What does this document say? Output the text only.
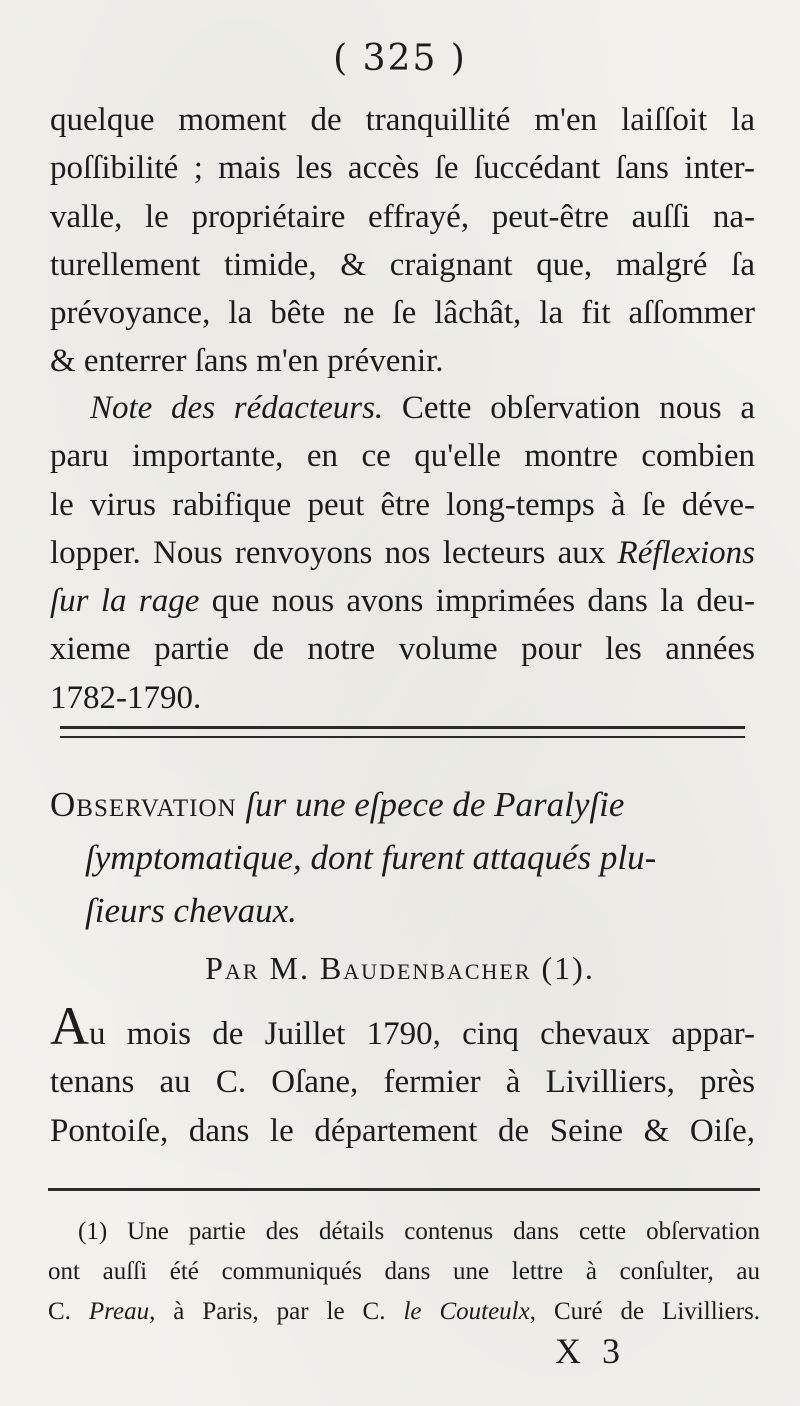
( 325 )
quelque moment de tranquillité m'en laiſſoit la
poſſibilité ; mais les accès ſe ſuccédant ſans inter-
valle, le propriétaire effrayé, peut-être auſſi na-
turellement timide, & craignant que, malgré ſa
prévoyance, la bête ne ſe lâchât, la fit aſſommer
& enterrer ſans m'en prévenir.
Note des rédacteurs. Cette obſervation nous a
paru importante, en ce qu'elle montre combien
le virus rabifique peut être long-temps à ſe déve-
lopper. Nous renvoyons nos lecteurs aux Réflexions
ſur la rage que nous avons imprimées dans la deu-
xieme partie de notre volume pour les années
1782-1790.
Observation ſur une eſpece de Paralyſie
ſymptomatique, dont furent attaqués plu-
ſieurs chevaux.
Par M. Baudenbacher (1).
Au mois de Juillet 1790, cinq chevaux appar-
tenans au C. Oſane, fermier à Livilliers, près
Pontoiſe, dans le département de Seine & Oiſe,
(1) Une partie des détails contenus dans cette obſervation
ont auſſi été communiqués dans une lettre à conſulter, au
C. Preau, à Paris, par le C. le Couteulx, Curé de Livilliers.
X 3
